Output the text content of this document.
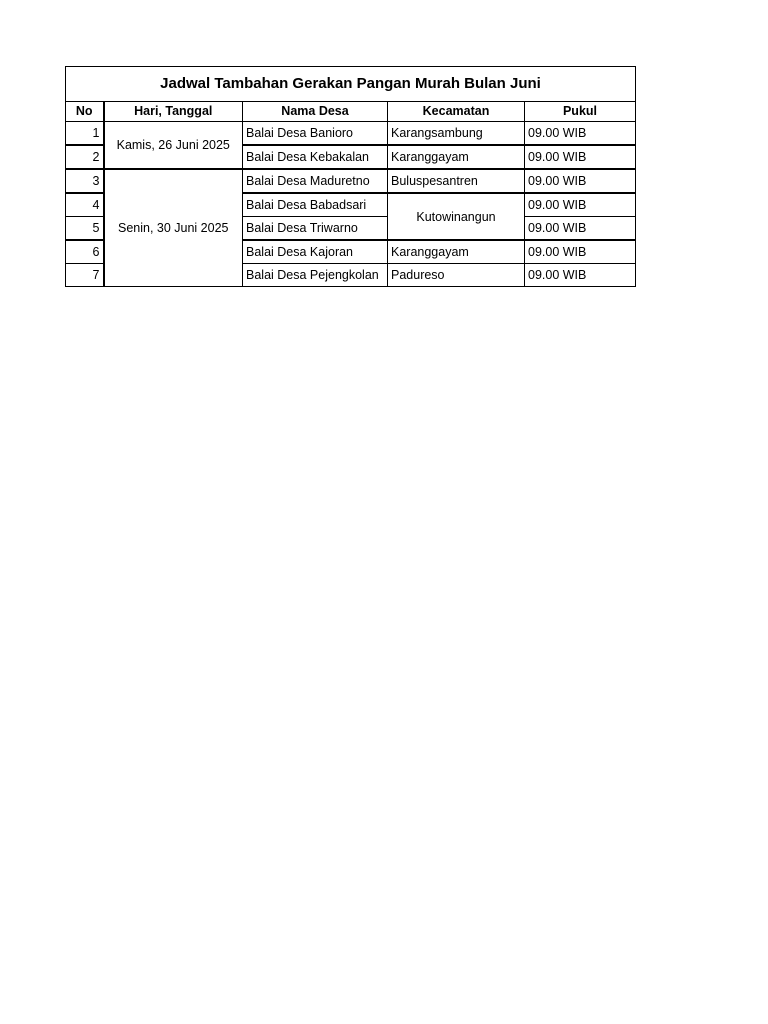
Jadwal Tambahan Gerakan Pangan Murah Bulan Juni				
No	Hari, Tanggal	Nama Desa	Kecamatan	Pukul
1	Kamis, 26 Juni 2025	Balai Desa Banioro	Karangsambung	09.00 WIB
2		Balai Desa Kebakalan	Karanggayam	09.00 WIB
3	Senin, 30 Juni 2025	Balai Desa Maduretno	Buluspesantren	09.00 WIB
4		Balai Desa Babadsari	Kutowinangun	09.00 WIB
5		Balai Desa Triwarno		09.00 WIB
6		Balai Desa Kajoran	Karanggayam	09.00 WIB
7		Balai Desa Pejengkolan	Padureso	09.00 WIB
